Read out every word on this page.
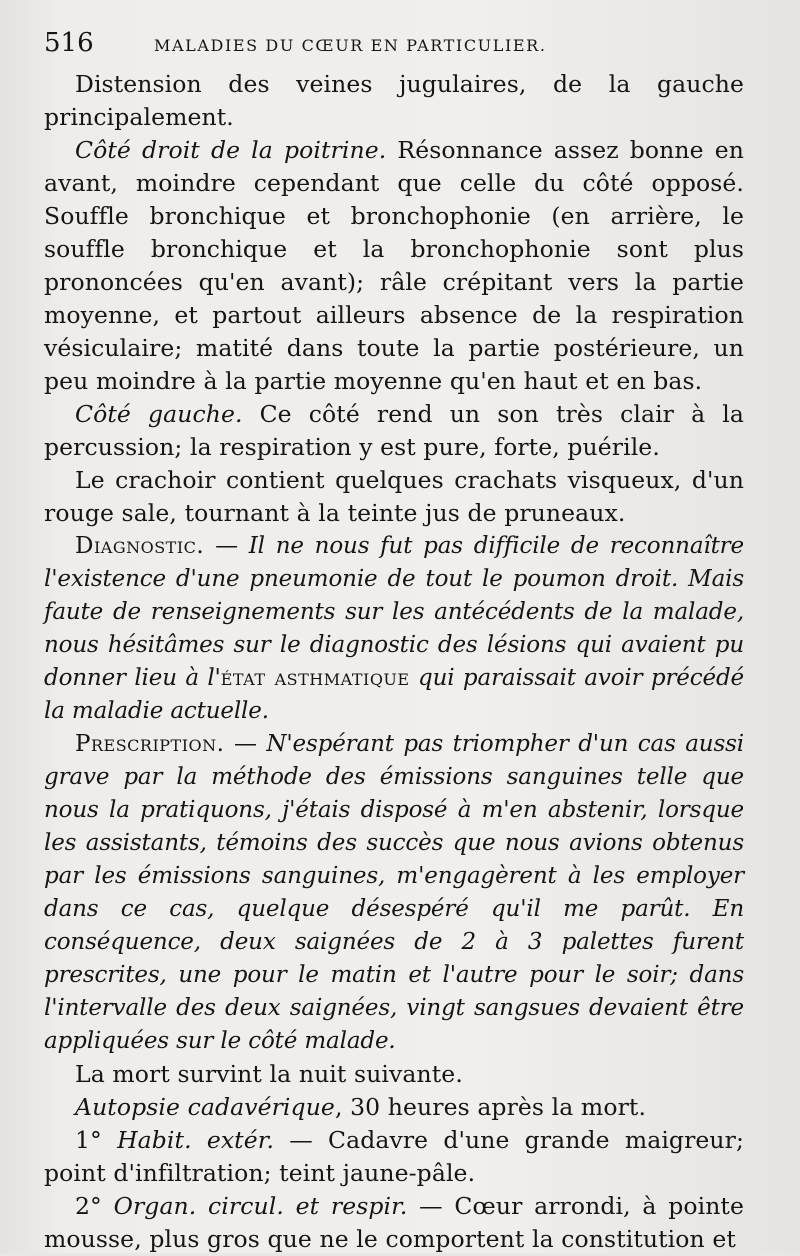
516	MALADIES DU CŒUR EN PARTICULIER.

Distension des veines jugulaires, de la gauche principalement.

Côté droit de la poitrine. Résonnance assez bonne en avant, moindre cependant que celle du côté opposé. Souffle bronchique et bronchophonie (en arrière, le souffle bronchique et la bronchophonie sont plus prononcées qu'en avant); râle crépitant vers la partie moyenne, et partout ailleurs absence de la respiration vésiculaire; matité dans toute la partie postérieure, un peu moindre à la partie moyenne qu'en haut et en bas.

Côté gauche. Ce côté rend un son très clair à la percussion; la respiration y est pure, forte, puérile.

Le crachoir contient quelques crachats visqueux, d'un rouge sale, tournant à la teinte jus de pruneaux.

Diagnostic. — Il ne nous fut pas difficile de reconnaître l'existence d'une pneumonie de tout le poumon droit. Mais faute de renseignements sur les antécédents de la malade, nous hésitâmes sur le diagnostic des lésions qui avaient pu donner lieu à l'état asthmatique qui paraissait avoir précédé la maladie actuelle.

Prescription. — N'espérant pas triompher d'un cas aussi grave par la méthode des émissions sanguines telle que nous la pratiquons, j'étais disposé à m'en abstenir, lorsque les assistants, témoins des succès que nous avions obtenus par les émissions sanguines, m'engagèrent à les employer dans ce cas, quelque désespéré qu'il me parût. En conséquence, deux saignées de 2 à 3 palettes furent prescrites, une pour le matin et l'autre pour le soir; dans l'intervalle des deux saignées, vingt sangsues devaient être appliquées sur le côté malade.

La mort survint la nuit suivante.

Autopsie cadavérique, 30 heures après la mort.

1° Habit. extér. — Cadavre d'une grande maigreur; point d'infiltration; teint jaune-pâle.

2° Organ. circul. et respir. — Cœur arrondi, à pointe mousse, plus gros que ne le comportent la constitution et
